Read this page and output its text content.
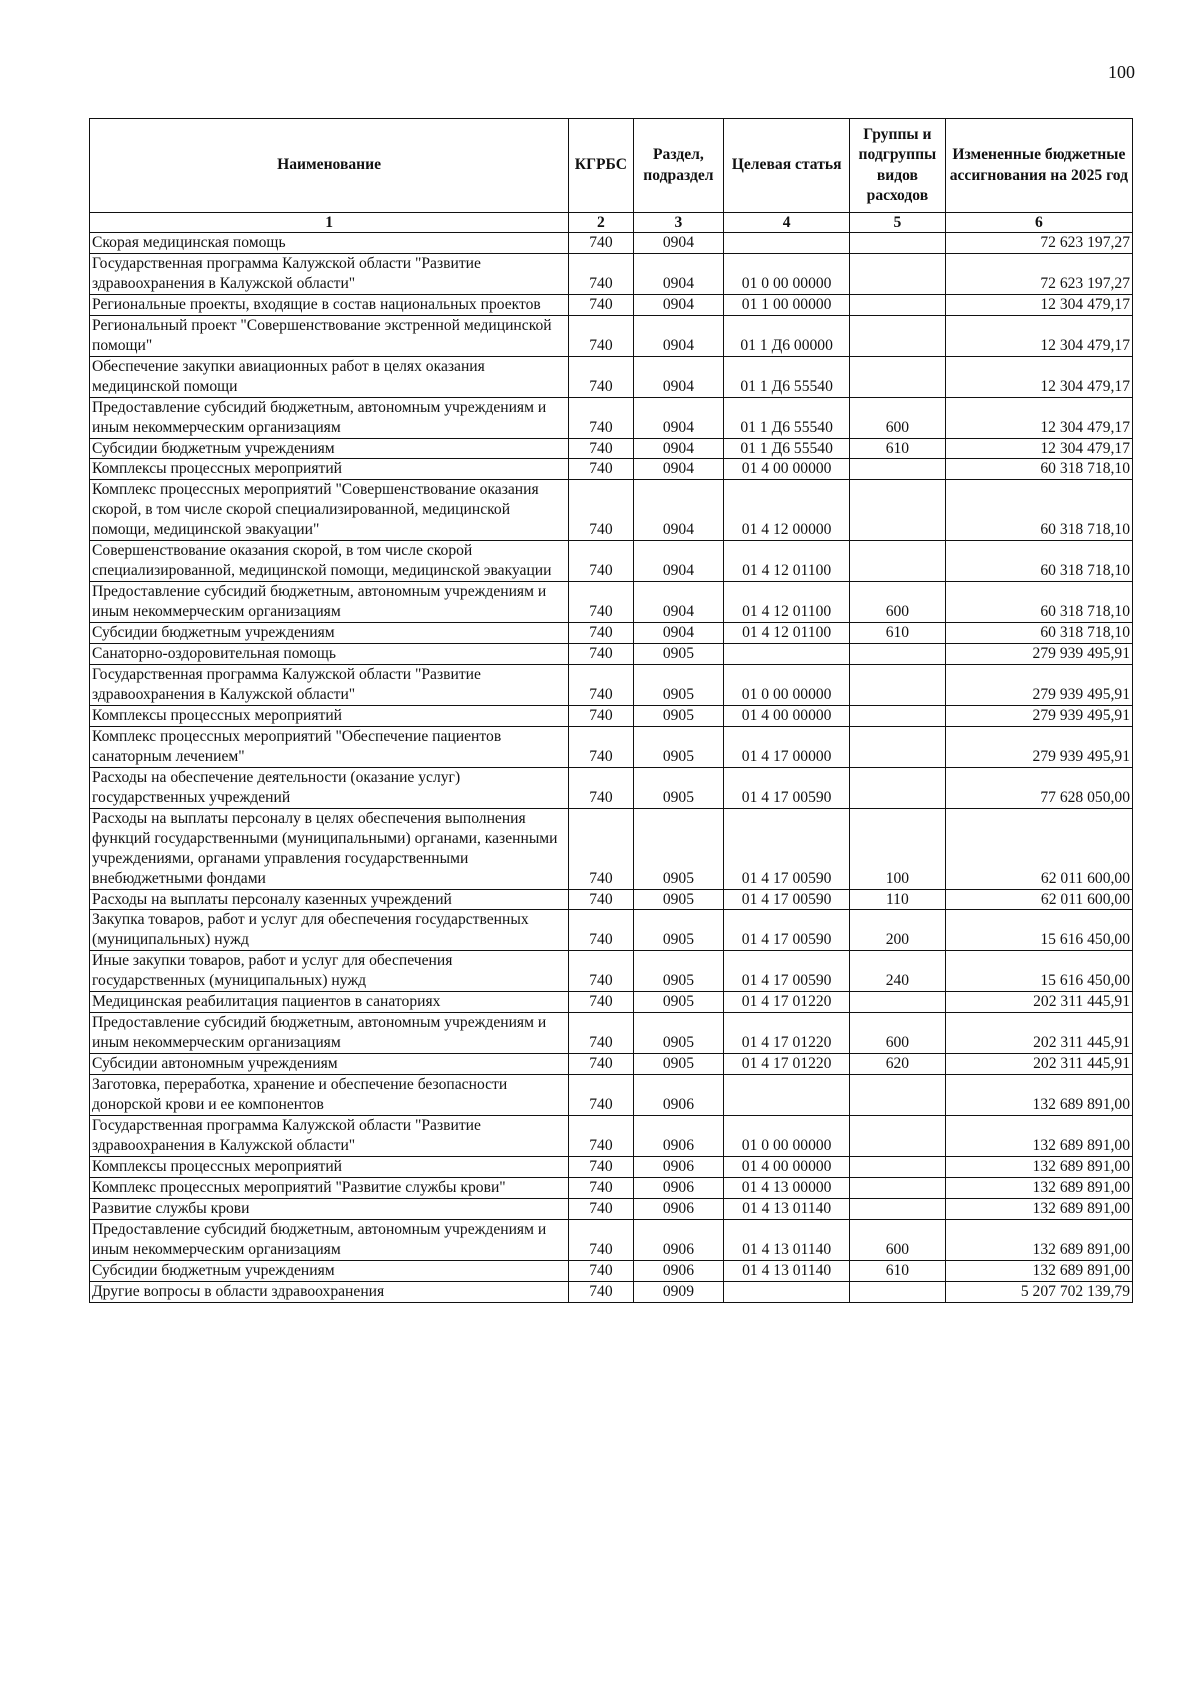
100
Наименование	КГРБС	Раздел, подраздел	Целевая статья	Группы и подгруппы видов расходов	Измененные бюджетные ассигнования на 2025 год
1	2	3	4	5	6
Скорая медицинская помощь	740	0904			72 623 197,27
Государственная программа Калужской области "Развитие здравоохранения в Калужской области"	740	0904	01 0 00 00000		72 623 197,27
Региональные проекты, входящие в состав национальных проектов	740	0904	01 1 00 00000		12 304 479,17
Региональный проект "Совершенствование экстренной медицинской помощи"	740	0904	01 1 Д6 00000		12 304 479,17
Обеспечение закупки авиационных работ в целях оказания медицинской помощи	740	0904	01 1 Д6 55540		12 304 479,17
Предоставление субсидий бюджетным, автономным учреждениям и иным некоммерческим организациям	740	0904	01 1 Д6 55540	600	12 304 479,17
Субсидии бюджетным учреждениям	740	0904	01 1 Д6 55540	610	12 304 479,17
Комплексы процессных мероприятий	740	0904	01 4 00 00000		60 318 718,10
Комплекс процессных мероприятий "Совершенствование оказания скорой, в том числе скорой специализированной, медицинской помощи, медицинской эвакуации"	740	0904	01 4 12 00000		60 318 718,10
Совершенствование оказания скорой, в том числе скорой специализированной, медицинской помощи, медицинской эвакуации	740	0904	01 4 12 01100		60 318 718,10
Предоставление субсидий бюджетным, автономным учреждениям и иным некоммерческим организациям	740	0904	01 4 12 01100	600	60 318 718,10
Субсидии бюджетным учреждениям	740	0904	01 4 12 01100	610	60 318 718,10
Санаторно-оздоровительная помощь	740	0905			279 939 495,91
Государственная программа Калужской области "Развитие здравоохранения в Калужской области"	740	0905	01 0 00 00000		279 939 495,91
Комплексы процессных мероприятий	740	0905	01 4 00 00000		279 939 495,91
Комплекс процессных мероприятий "Обеспечение пациентов санаторным лечением"	740	0905	01 4 17 00000		279 939 495,91
Расходы на обеспечение деятельности (оказание услуг) государственных учреждений	740	0905	01 4 17 00590		77 628 050,00
Расходы на выплаты персоналу в целях обеспечения выполнения функций государственными (муниципальными) органами, казенными учреждениями, органами управления государственными внебюджетными фондами	740	0905	01 4 17 00590	100	62 011 600,00
Расходы на выплаты персоналу казенных учреждений	740	0905	01 4 17 00590	110	62 011 600,00
Закупка товаров, работ и услуг для обеспечения государственных (муниципальных) нужд	740	0905	01 4 17 00590	200	15 616 450,00
Иные закупки товаров, работ и услуг для обеспечения государственных (муниципальных) нужд	740	0905	01 4 17 00590	240	15 616 450,00
Медицинская реабилитация пациентов в санаториях	740	0905	01 4 17 01220		202 311 445,91
Предоставление субсидий бюджетным, автономным учреждениям и иным некоммерческим организациям	740	0905	01 4 17 01220	600	202 311 445,91
Субсидии автономным учреждениям	740	0905	01 4 17 01220	620	202 311 445,91
Заготовка, переработка, хранение и обеспечение безопасности донорской крови и ее компонентов	740	0906			132 689 891,00
Государственная программа Калужской области "Развитие здравоохранения в Калужской области"	740	0906	01 0 00 00000		132 689 891,00
Комплексы процессных мероприятий	740	0906	01 4 00 00000		132 689 891,00
Комплекс процессных мероприятий "Развитие службы крови"	740	0906	01 4 13 00000		132 689 891,00
Развитие службы крови	740	0906	01 4 13 01140		132 689 891,00
Предоставление субсидий бюджетным, автономным учреждениям и иным некоммерческим организациям	740	0906	01 4 13 01140	600	132 689 891,00
Субсидии бюджетным учреждениям	740	0906	01 4 13 01140	610	132 689 891,00
Другие вопросы в области здравоохранения	740	0909			5 207 702 139,79
